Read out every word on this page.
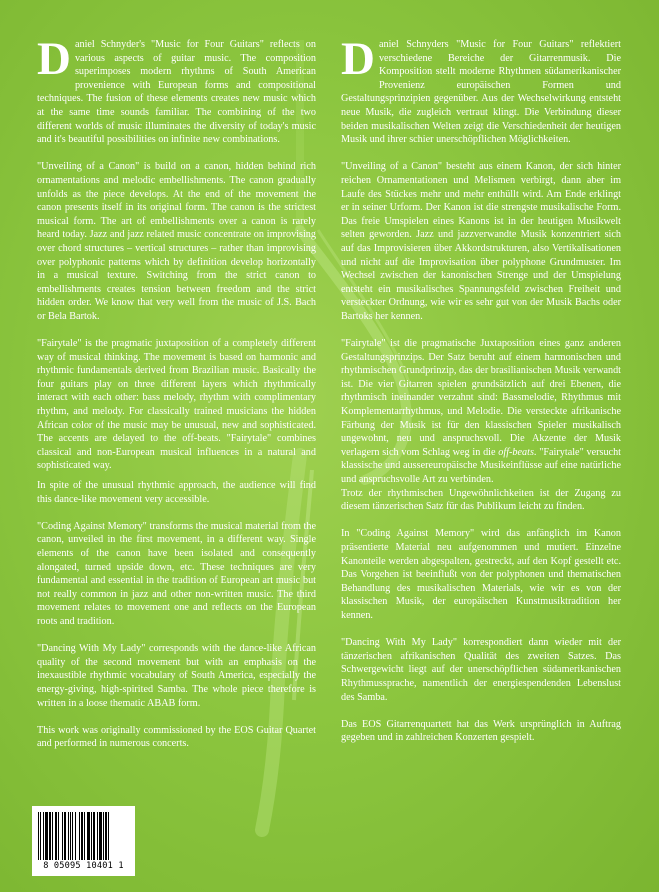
Daniel Schnyder's "Music for Four Guitars" reflects on various aspects of guitar music. The composition superimposes modern rhythms of South American provenience with European forms and compositional techniques. The fusion of these elements creates new music which at the same time sounds familiar. The combining of the two different worlds of music illuminates the diversity of today's music and it's beautiful possibilities on infinite new combinations.

"Unveiling of a Canon" is build on a canon, hidden behind rich ornamentations and melodic embellishments. The canon gradually unfolds as the piece develops. At the end of the movement the canon presents itself in its original form. The canon is the strictest musical form. The art of embellishments over a canon is rarely heard today. Jazz and jazz related music concentrate on improvising over chord structures – vertical structures – rather than improvising over polyphonic patterns which by definition develop horizontally in a musical texture. Switching from the strict canon to embellishments creates tension between freedom and the strict hidden order. We know that very well from the music of J.S. Bach or Bela Bartok.

"Fairytale" is the pragmatic juxtaposition of a completely different way of musical thinking. The movement is based on harmonic and rhythmic fundamentals derived from Brazilian music. Basically the four guitars play on three different layers which rhythmically interact with each other: bass melody, rhythm with complimentary rhythm, and melody. For classically trained musicians the hidden African color of the music may be unusual, new and sophisticated. The accents are delayed to the off-beats. "Fairytale" combines classical and non-European musical influences in a natural and sophisticated way.

In spite of the unusual rhythmic approach, the audience will find this dance-like movement very accessible.

"Coding Against Memory" transforms the musical material from the canon, unveiled in the first movement, in a different way. Single elements of the canon have been isolated and consequently alongated, turned upside down, etc. These techniques are very fundamental and essential in the tradition of European art music but not really common in jazz and other non-written music. The third movement relates to movement one and reflects on the European roots and tradition.

"Dancing With My Lady" corresponds with the dance-like African quality of the second movement but with an emphasis on the inexaustible rhythmic vocabulary of South America, especially the energy-giving, high-spirited Samba. The whole piece therefore is written in a loose thematic ABAB form.

This work was originally commissioned by the EOS Guitar Quartet and performed in numerous concerts.

Daniel Schnyders "Music for Four Guitars" reflektiert verschiedene Bereiche der Gitarrenmusik. Die Komposition stellt moderne Rhythmen südamerikanischer Provenienz europäischen Formen und Gestaltungsprinzipien gegenüber. Aus der Wechselwirkung entsteht neue Musik, die zugleich vertraut klingt. Die Verbindung dieser beiden musikalischen Welten zeigt die Verschiedenheit der heutigen Musik und ihrer schier unerschöpflichen Möglichkeiten.

"Unveiling of a Canon" besteht aus einem Kanon, der sich hinter reichen Ornamentationen und Melismen verbirgt, dann aber im Laufe des Stückes mehr und mehr enthüllt wird. Am Ende erklingt er in seiner Urform. Der Kanon ist die strengste musikalische Form. Das freie Umspielen eines Kanons ist in der heutigen Musikwelt selten geworden. Jazz und jazzverwandte Musik konzentriert sich auf das Improvisieren über Akkordstrukturen, also Vertikalisationen und nicht auf die Improvisation über polyphone Grundmuster. Im Wechsel zwischen der kanonischen Strenge und der Umspielung entsteht ein musikalisches Spannungsfeld zwischen Freiheit und versteckter Ordnung, wie wir es sehr gut von der Musik Bachs oder Bartoks her kennen.

"Fairytale" ist die pragmatische Juxtaposition eines ganz anderen Gestaltungsprinzips. Der Satz beruht auf einem harmonischen und rhythmischen Grundprinzip, das der brasilianischen Musik verwandt ist. Die vier Gitarren spielen grundsätzlich auf drei Ebenen, die rhythmisch ineinander verzahnt sind: Bassmelodie, Rhythmus mit Komplementarrhythmus, und Melodie. Die versteckte afrikanische Färbung der Musik ist für den klassischen Spieler musikalisch ungewohnt, neu und anspruchsvoll. Die Akzente der Musik verlagern sich vom Schlag weg in die off-beats. "Fairytale" versucht klassische und aussereuropäische Musikeinflüsse auf eine natürliche und anspruchsvolle Art zu verbinden.

Trotz der rhythmischen Ungewöhnlichkeiten ist der Zugang zu diesem tänzerischen Satz für das Publikum leicht zu finden.

In "Coding Against Memory" wird das anfänglich im Kanon präsentierte Material neu aufgenommen und mutiert. Einzelne Kanonteile werden abgespalten, gestreckt, auf den Kopf gestellt etc. Das Vorgehen ist beeinflußt von der polyphonen und thematischen Behandlung des musikalischen Materials, wie wir es von der klassischen Musik, der europäischen Kunstmusiktradition her kennen.

"Dancing With My Lady" korrespondiert dann wieder mit der tänzerischen afrikanischen Qualität des zweiten Satzes. Das Schwergewicht liegt auf der unerschöpflichen südamerikanischen Rhythmussprache, namentlich der energiespendenden Lebenslust des Samba.

Das EOS Gitarrenquartett hat das Werk ursprünglich in Auftrag gegeben und in zahlreichen Konzerten gespielt.

8 05095 10401 1
